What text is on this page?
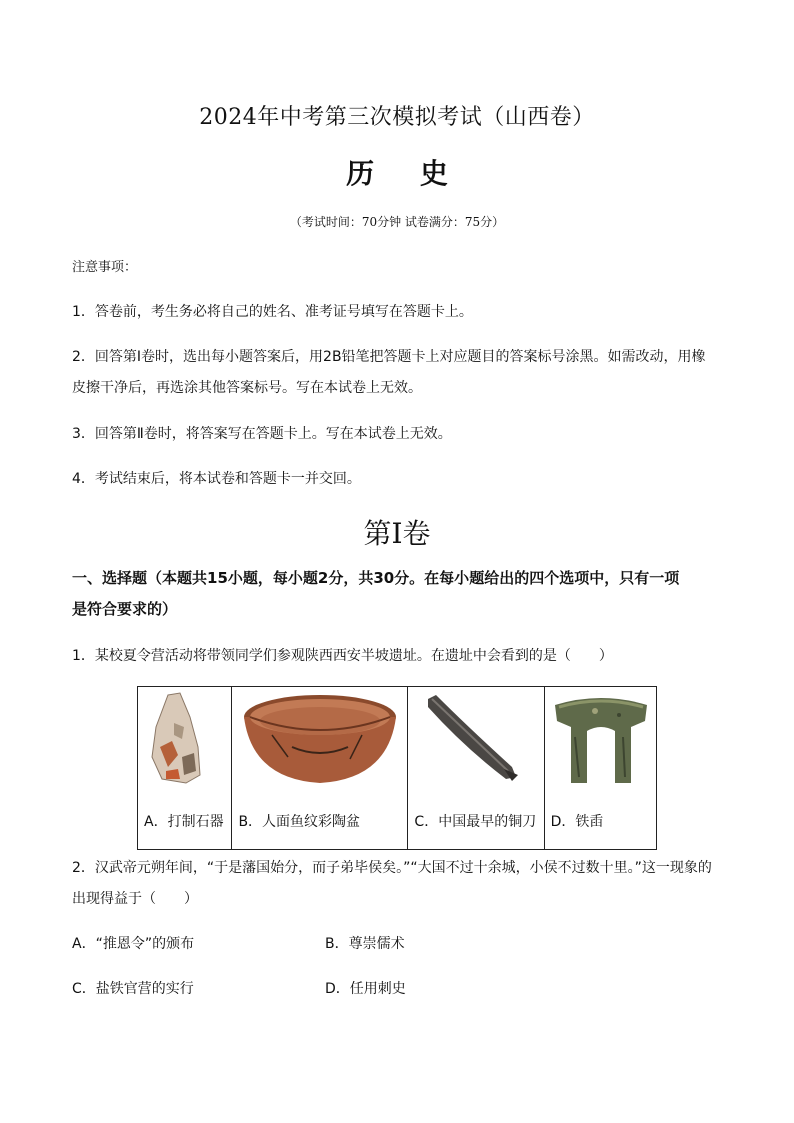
2024年中考第三次模拟考试（山西卷）
历 史
（考试时间：70分钟 试卷满分：75分）
注意事项：
1．答卷前，考生务必将自己的姓名、准考证号填写在答题卡上。
2．回答第Ⅰ卷时，选出每小题答案后，用2B铅笔把答题卡上对应题目的答案标号涂黑。如需改动，用橡
皮擦干净后，再选涂其他答案标号。写在本试卷上无效。
3．回答第Ⅱ卷时，将答案写在答题卡上。写在本试卷上无效。
4．考试结束后，将本试卷和答题卡一并交回。
第Ⅰ卷
一、选择题（本题共15小题，每小题2分，共30分。在每小题给出的四个选项中，只有一项
是符合要求的）
1．某校夏令营活动将带领同学们参观陕西西安半坡遗址。在遗址中会看到的是（　　）
A．打制石器	B．人面鱼纹彩陶盆	C．中国最早的铜刀	D．铁臿
2．汉武帝元朔年间，“于是藩国始分，而子弟毕侯矣。”“大国不过十余城，小侯不过数十里。”这一现象的
出现得益于（　　）
A．“推恩令”的颁布	B．尊崇儒术
C．盐铁官营的实行	D．任用刺史
